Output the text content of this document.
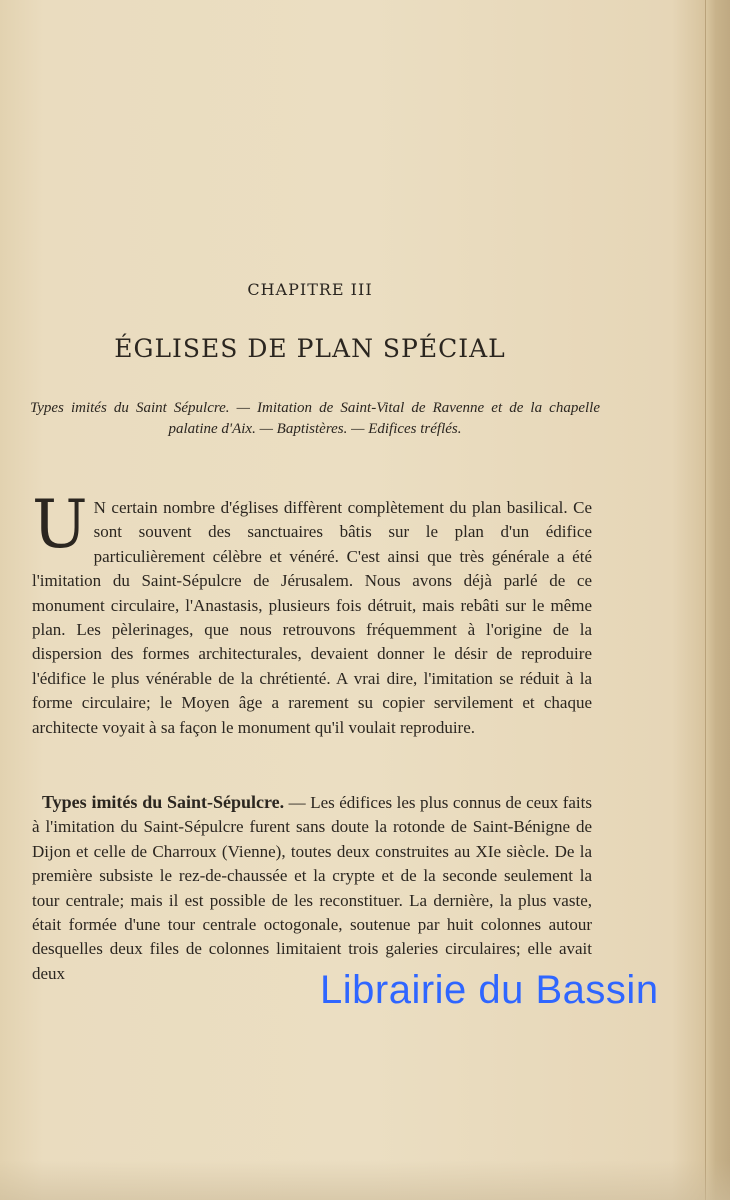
CHAPITRE III
ÉGLISES DE PLAN SPÉCIAL
Types imités du Saint Sépulcre. — Imitation de Saint-Vital de Ravenne et de la chapelle palatine d'Aix. — Baptistères. — Edifices tréflés.
U N certain nombre d'églises diffèrent complètement du plan basilical. Ce sont souvent des sanctuaires bâtis sur le plan d'un édifice particulièrement célèbre et vénéré. C'est ainsi que très générale a été l'imitation du Saint-Sépulcre de Jérusalem. Nous avons déjà parlé de ce monument circulaire, l'Anastasis, plusieurs fois détruit, mais rebâti sur le même plan. Les pèlerinages, que nous retrouvons fréquemment à l'origine de la dispersion des formes architecturales, devaient donner le désir de reproduire l'édifice le plus vénérable de la chrétienté. A vrai dire, l'imitation se réduit à la forme circulaire; le Moyen âge a rarement su copier servilement et chaque architecte voyait à sa façon le monument qu'il voulait reproduire.
Types imités du Saint-Sépulcre. — Les édifices les plus connus de ceux faits à l'imitation du Saint-Sépulcre furent sans doute la rotonde de Saint-Bénigne de Dijon et celle de Charroux (Vienne), toutes deux construites au XIe siècle. De la première subsiste le rez-de-chaussée et la crypte et de la seconde seulement la tour centrale; mais il est possible de les reconstituer. La dernière, la plus vaste, était formée d'une tour centrale octogonale, soutenue par huit colonnes autour desquelles deux files de colonnes limitaient trois galeries circulaires; elle avait deux	Librairie du Bassin
